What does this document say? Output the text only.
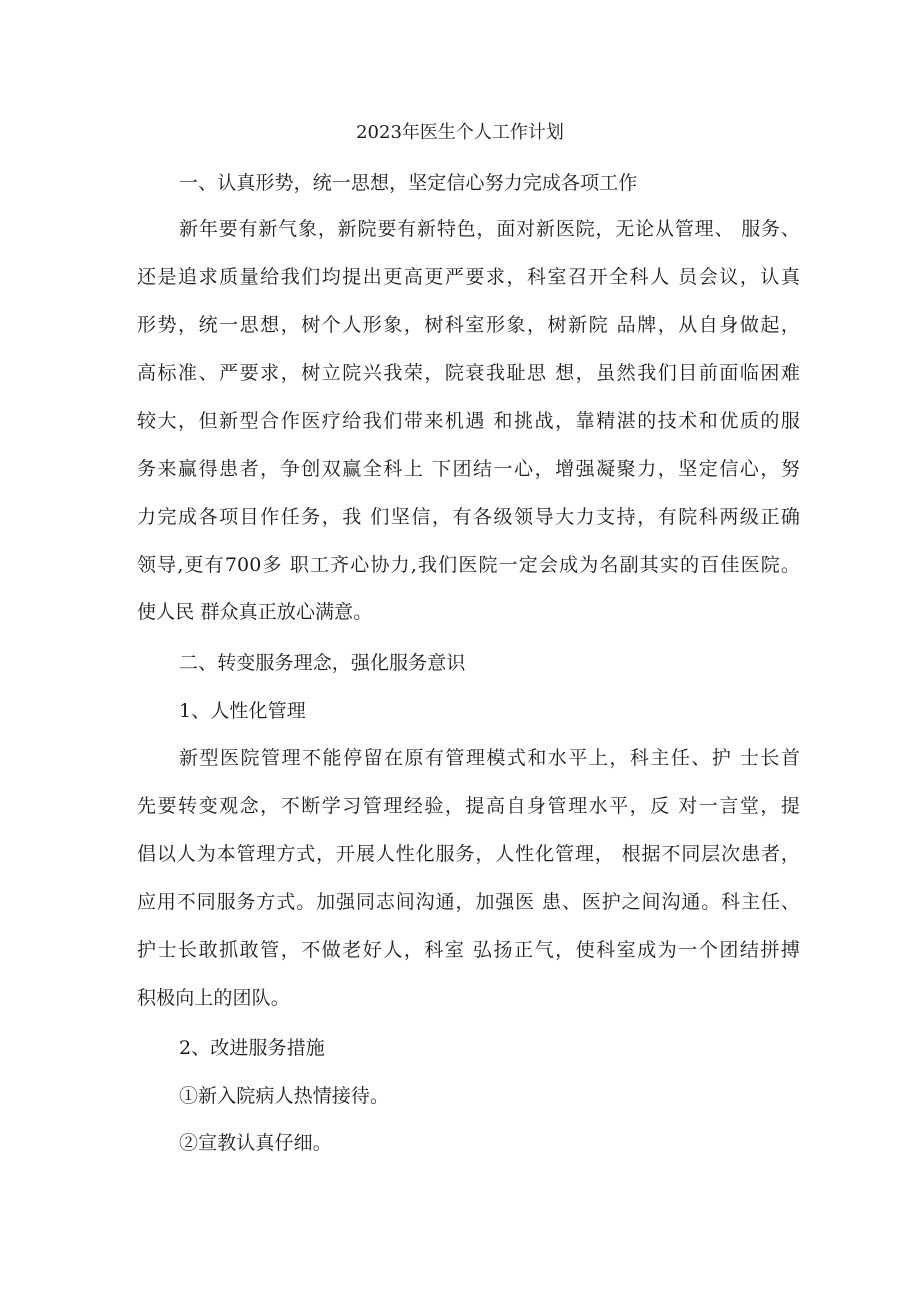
2023年医生个人工作计划
一、认真形势，统一思想，坚定信心努力完成各项工作
新年要有新气象，新院要有新特色，面对新医院，无论从管理、 服务、
还是追求质量给我们均提出更高更严要求，科室召开全科人 员会议，认真
形势，统一思想，树个人形象，树科室形象，树新院 品牌，从自身做起，
高标准、严要求，树立院兴我荣，院衰我耻思 想，虽然我们目前面临困难
较大，但新型合作医疗给我们带来机遇 和挑战，靠精湛的技术和优质的服
务来赢得患者，争创双赢全科上 下团结一心，增强凝聚力，坚定信心，努
力完成各项目作任务，我 们坚信，有各级领导大力支持，有院科两级正确
领导,更有700多 职工齐心协力,我们医院一定会成为名副其实的百佳医院。
使人民 群众真正放心满意。
二、转变服务理念，强化服务意识
1、人性化管理
新型医院管理不能停留在原有管理模式和水平上，科主任、护 士长首
先要转变观念，不断学习管理经验，提高自身管理水平，反 对一言堂，提
倡以人为本管理方式，开展人性化服务，人性化管理， 根据不同层次患者，
应用不同服务方式。加强同志间沟通，加强医 患、医护之间沟通。科主任、
护士长敢抓敢管，不做老好人，科室 弘扬正气，使科室成为一个团结拼搏
积极向上的团队。
2、改进服务措施
①新入院病人热情接待。
②宣教认真仔细。
